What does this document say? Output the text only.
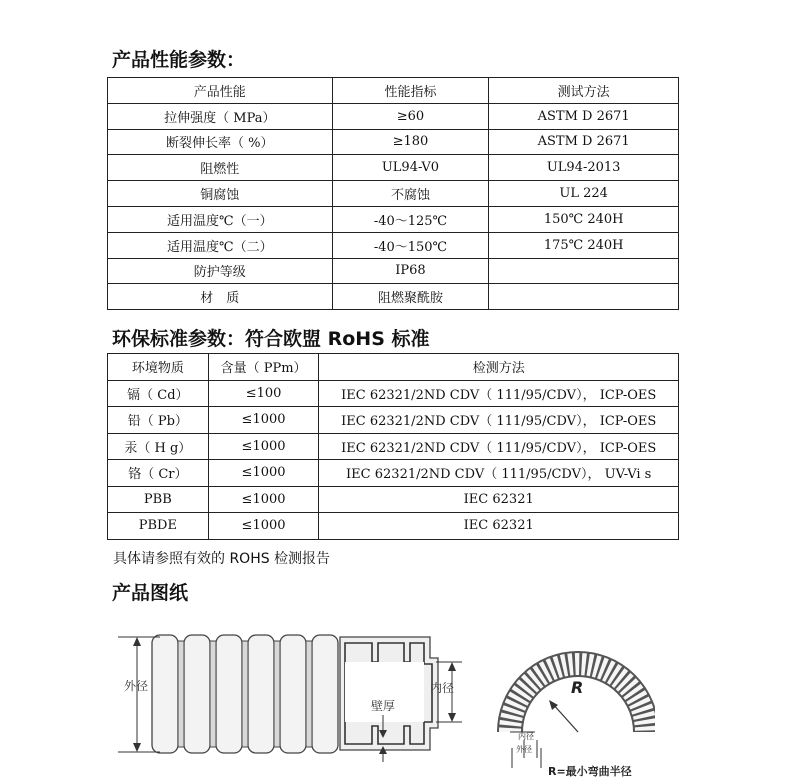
产品性能参数：
产品性能	性能指标	测试方法
拉伸强度（ MPa）	≥60	ASTM D 2671
断裂伸长率（ %）	≥180	ASTM D 2671
阻燃性	UL94-V0	UL94-2013
铜腐蚀	不腐蚀	UL 224
适用温度℃（一）	-40～125℃	150℃ 240H
适用温度℃（二）	-40～150℃	175℃ 240H
防护等级	IP68	
材　质	阻燃聚酰胺	
环保标准参数：符合欧盟 RoHS 标准
环境物质	含量（ PPm）	检测方法
镉（ Cd）	≤100	IEC 62321/2ND CDV（ 111/95/CDV）， ICP-OES
铅（ Pb）	≤1000	IEC 62321/2ND CDV（ 111/95/CDV）， ICP-OES
汞（ H g）	≤1000	IEC 62321/2ND CDV（ 111/95/CDV）， ICP-OES
铬（ Cr）	≤1000	IEC 62321/2ND CDV（ 111/95/CDV）， UV-Vi s
PBB	≤1000	IEC 62321
PBDE	≤1000	IEC 62321
具体请参照有效的 ROHS 检测报告
产品图纸
外径	内径
壁厚
R
内径
外径
R=最小弯曲半径
